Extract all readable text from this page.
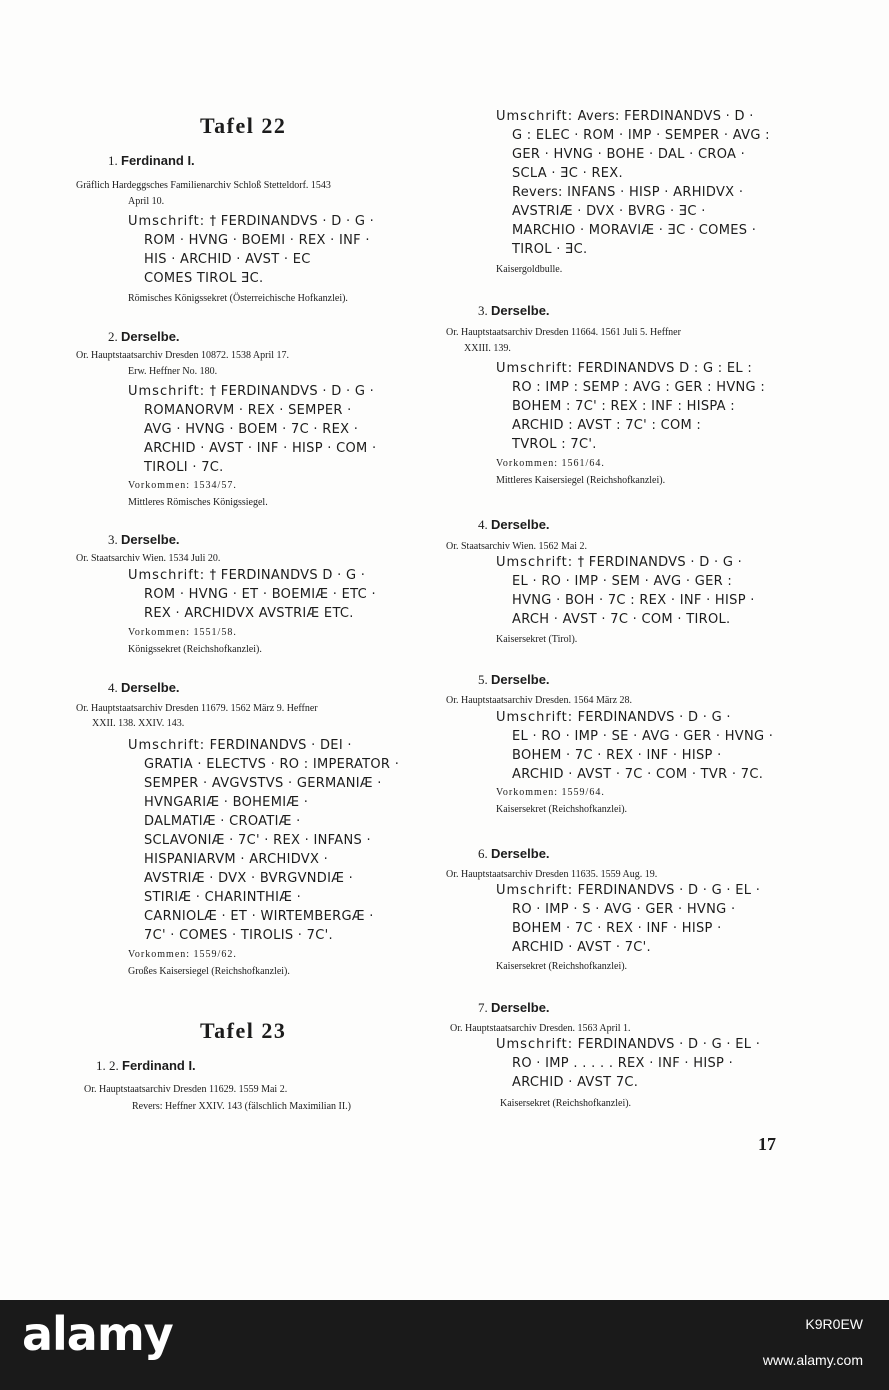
Tafel 22
1. Ferdinand I.
Gräflich Hardeggsches Familienarchiv Schloß Stetteldorf. 1543
April 10.
Umschrift: † FERDINANDVS · D · G ·
ROM · HVNG · BOEMI · REX · INF ·
HIS · ARCHID · AVST · EC
COMES TIROL ƎC.
Römisches Königssekret (Österreichische Hofkanzlei).
2. Derselbe.
Or. Hauptstaatsarchiv Dresden 10872. 1538 April 17.
Erw. Heffner No. 180.
Umschrift: † FERDINANDVS · D · G ·
ROMANORVM · REX · SEMPER ·
AVG · HVNG · BOEM · 7C · REX ·
ARCHID · AVST · INF · HISP · COM ·
TIROLI · 7C.
Vorkommen: 1534/57.
Mittleres Römisches Königssiegel.
3. Derselbe.
Or. Staatsarchiv Wien. 1534 Juli 20.
Umschrift: † FERDINANDVS D · G ·
ROM · HVNG · ET · BOEMIÆ · ETC ·
REX · ARCHIDVX AVSTRIÆ ETC.
Vorkommen: 1551/58.
Königssekret (Reichshofkanzlei).
4. Derselbe.
Or. Hauptstaatsarchiv Dresden 11679. 1562 März 9. Heffner
XXII. 138. XXIV. 143.
Umschrift: FERDINANDVS · DEI ·
GRATIA · ELECTVS · RO : IMPERATOR ·
SEMPER · AVGVSTVS · GERMANIÆ ·
HVNGARIÆ · BOHEMIÆ ·
DALMATIÆ · CROATIÆ ·
SCLAVONIÆ · 7C' · REX · INFANS ·
HISPANIARVM · ARCHIDVX ·
AVSTRIÆ · DVX · BVRGVNDIÆ ·
STIRIÆ · CHARINTHIÆ ·
CARNIOLÆ · ET · WIRTEMBERGÆ ·
7C' · COMES · TIROLIS · 7C'.
Vorkommen: 1559/62.
Großes Kaisersiegel (Reichshofkanzlei).
Tafel 23
1. 2. Ferdinand I.
Or. Hauptstaatsarchiv Dresden 11629. 1559 Mai 2.
Revers: Heffner XXIV. 143 (fälschlich Maximilian II.)
Umschrift: Avers: FERDINANDVS · D ·
G : ELEC · ROM · IMP · SEMPER · AVG :
GER · HVNG · BOHE · DAL · CROA ·
SCLA · ƎC · REX.
Revers: INFANS · HISP · ARHIDVX ·
AVSTRIÆ · DVX · BVRG · ƎC ·
MARCHIO · MORAVIÆ · ƎC · COMES ·
TIROL · ƎC.
Kaisergoldbulle.
3. Derselbe.
Or. Hauptstaatsarchiv Dresden 11664. 1561 Juli 5. Heffner
XXIII. 139.
Umschrift: FERDINANDVS D : G : EL :
RO : IMP : SEMP : AVG : GER : HVNG :
BOHEM : 7C' : REX : INF : HISPA :
ARCHID : AVST : 7C' : COM :
TVROL : 7C'.
Vorkommen: 1561/64.
Mittleres Kaisersiegel (Reichshofkanzlei).
4. Derselbe.
Or. Staatsarchiv Wien. 1562 Mai 2.
Umschrift: † FERDINANDVS · D · G ·
EL · RO · IMP · SEM · AVG · GER :
HVNG · BOH · 7C : REX · INF · HISP ·
ARCH · AVST · 7C · COM · TIROL.
Kaisersekret (Tirol).
5. Derselbe.
Or. Hauptstaatsarchiv Dresden. 1564 März 28.
Umschrift: FERDINANDVS · D · G ·
EL · RO · IMP · SE · AVG · GER · HVNG ·
BOHEM · 7C · REX · INF · HISP ·
ARCHID · AVST · 7C · COM · TVR · 7C.
Vorkommen: 1559/64.
Kaisersekret (Reichshofkanzlei).
6. Derselbe.
Or. Hauptstaatsarchiv Dresden 11635. 1559 Aug. 19.
Umschrift: FERDINANDVS · D · G · EL ·
RO · IMP · S · AVG · GER · HVNG ·
BOHEM · 7C · REX · INF · HISP ·
ARCHID · AVST · 7C'.
Kaisersekret (Reichshofkanzlei).
7. Derselbe.
Or. Hauptstaatsarchiv Dresden. 1563 April 1.
Umschrift: FERDINANDVS · D · G · EL ·
RO · IMP . . . . . REX · INF · HISP ·
ARCHID · AVST 7C.
Kaisersekret (Reichshofkanzlei).
17
alamy	K9R0EW
www.alamy.com
